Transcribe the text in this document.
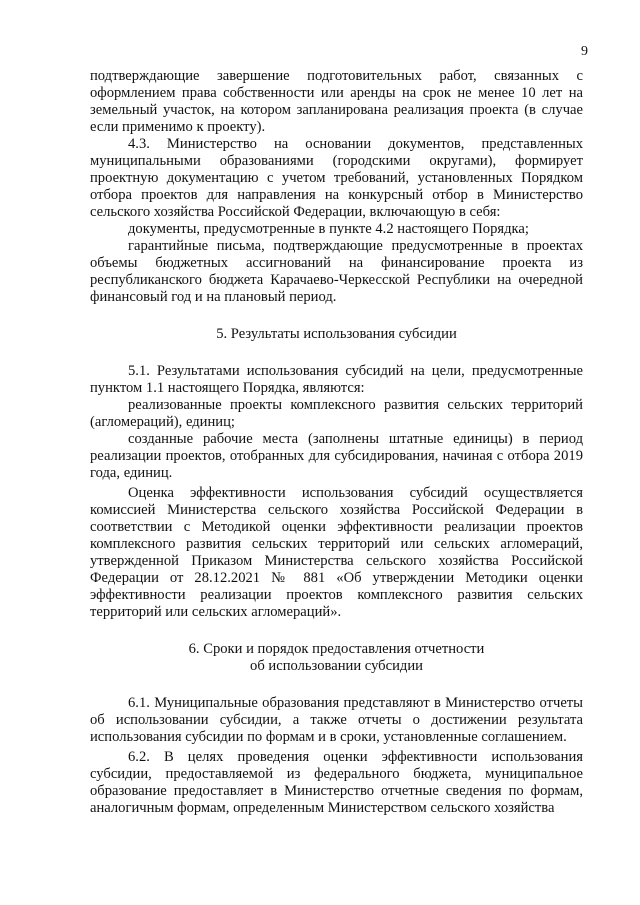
9

подтверждающие завершение подготовительных работ, связанных с оформлением права собственности или аренды на срок не менее 10 лет на земельный участок, на котором запланирована реализация проекта (в случае если применимо к проекту).

4.3. Министерство на основании документов, представленных муниципальными образованиями (городскими округами), формирует проектную документацию с учетом требований, установленных Порядком отбора проектов для направления на конкурсный отбор в Министерство сельского хозяйства Российской Федерации, включающую в себя:

документы, предусмотренные в пункте 4.2 настоящего Порядка;

гарантийные письма, подтверждающие предусмотренные в проектах объемы бюджетных ассигнований на финансирование проекта из республиканского бюджета Карачаево-Черкесской Республики на очередной финансовый год и на плановый период.

5. Результаты использования субсидии

5.1. Результатами использования субсидий на цели, предусмотренные пунктом 1.1 настоящего Порядка, являются:

реализованные проекты комплексного развития сельских территорий (агломераций), единиц;

созданные рабочие места (заполнены штатные единицы) в период реализации проектов, отобранных для субсидирования, начиная с отбора 2019 года, единиц.

Оценка эффективности использования субсидий осуществляется комиссией Министерства сельского хозяйства Российской Федерации в соответствии с Методикой оценки эффективности реализации проектов комплексного развития сельских территорий или сельских агломераций, утвержденной Приказом Министерства сельского хозяйства Российской Федерации от 28.12.2021 № 881 «Об утверждении Методики оценки эффективности реализации проектов комплексного развития сельских территорий или сельских агломераций».

6. Сроки и порядок предоставления отчетности

об использовании субсидии

6.1. Муниципальные образования представляют в Министерство отчеты об использовании субсидии, а также отчеты о достижении результата использования субсидии по формам и в сроки, установленные соглашением.

6.2. В целях проведения оценки эффективности использования субсидии, предоставляемой из федерального бюджета, муниципальное образование предоставляет в Министерство отчетные сведения по формам, аналогичным формам, определенным Министерством сельского хозяйства
